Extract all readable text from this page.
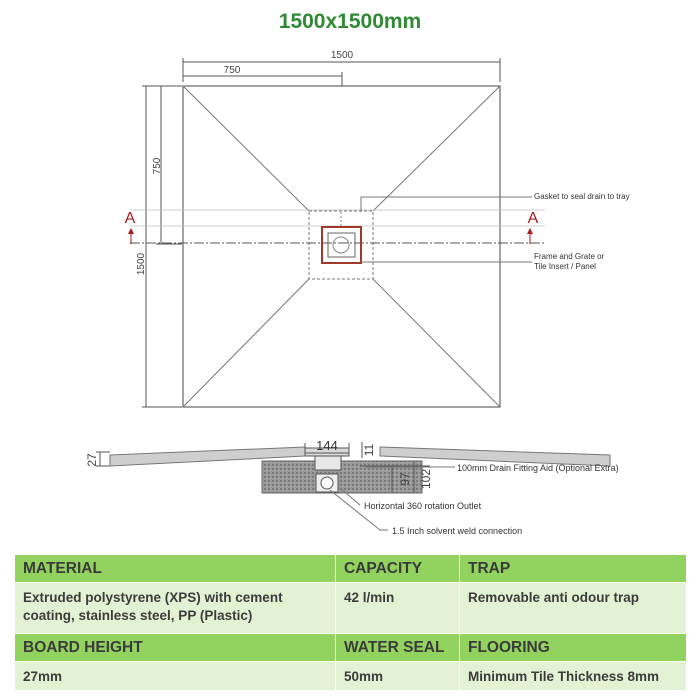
1500x1500mm
1500
750
750
1500
A	A
Gasket to seal drain to tray
Frame and Grate or
Tile Insert / Panel
27
144 11
97 102
100mm Drain Fitting Aid (Optional Extra)
Horizontal 360 rotation Outlet
1.5 Inch solvent weld connection
MATERIAL	CAPACITY	TRAP
Extruded polystyrene (XPS) with cement coating, stainless steel, PP (Plastic)	42 l/min	Removable anti odour trap
BOARD HEIGHT	WATER SEAL	FLOORING
27mm	50mm	Minimum Tile Thickness 8mm
